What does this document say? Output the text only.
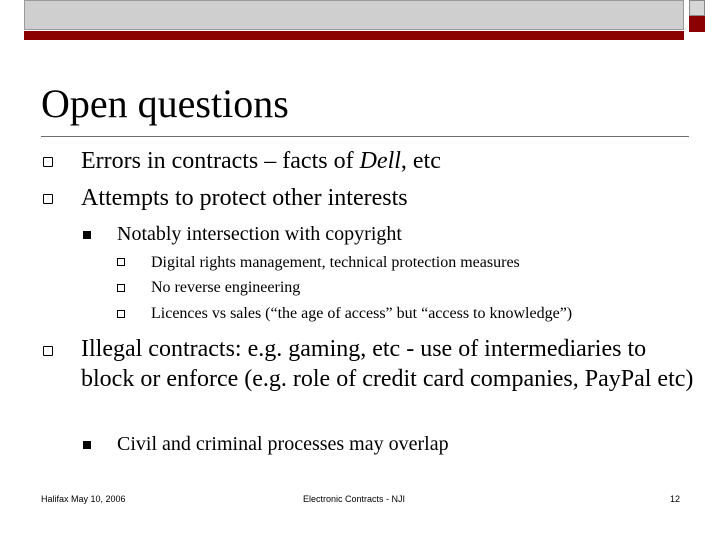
Open questions
Errors in contracts – facts of Dell, etc
Attempts to protect other interests
Notably intersection with copyright
Digital rights management, technical protection measures
No reverse engineering
Licences vs sales (“the age of access” but “access to knowledge”)
Illegal contracts: e.g. gaming, etc - use of intermediaries to block or enforce (e.g. role of credit card companies, PayPal etc)
Civil and criminal processes may overlap
Halifax May 10, 2006	Electronic Contracts - NJI	12
